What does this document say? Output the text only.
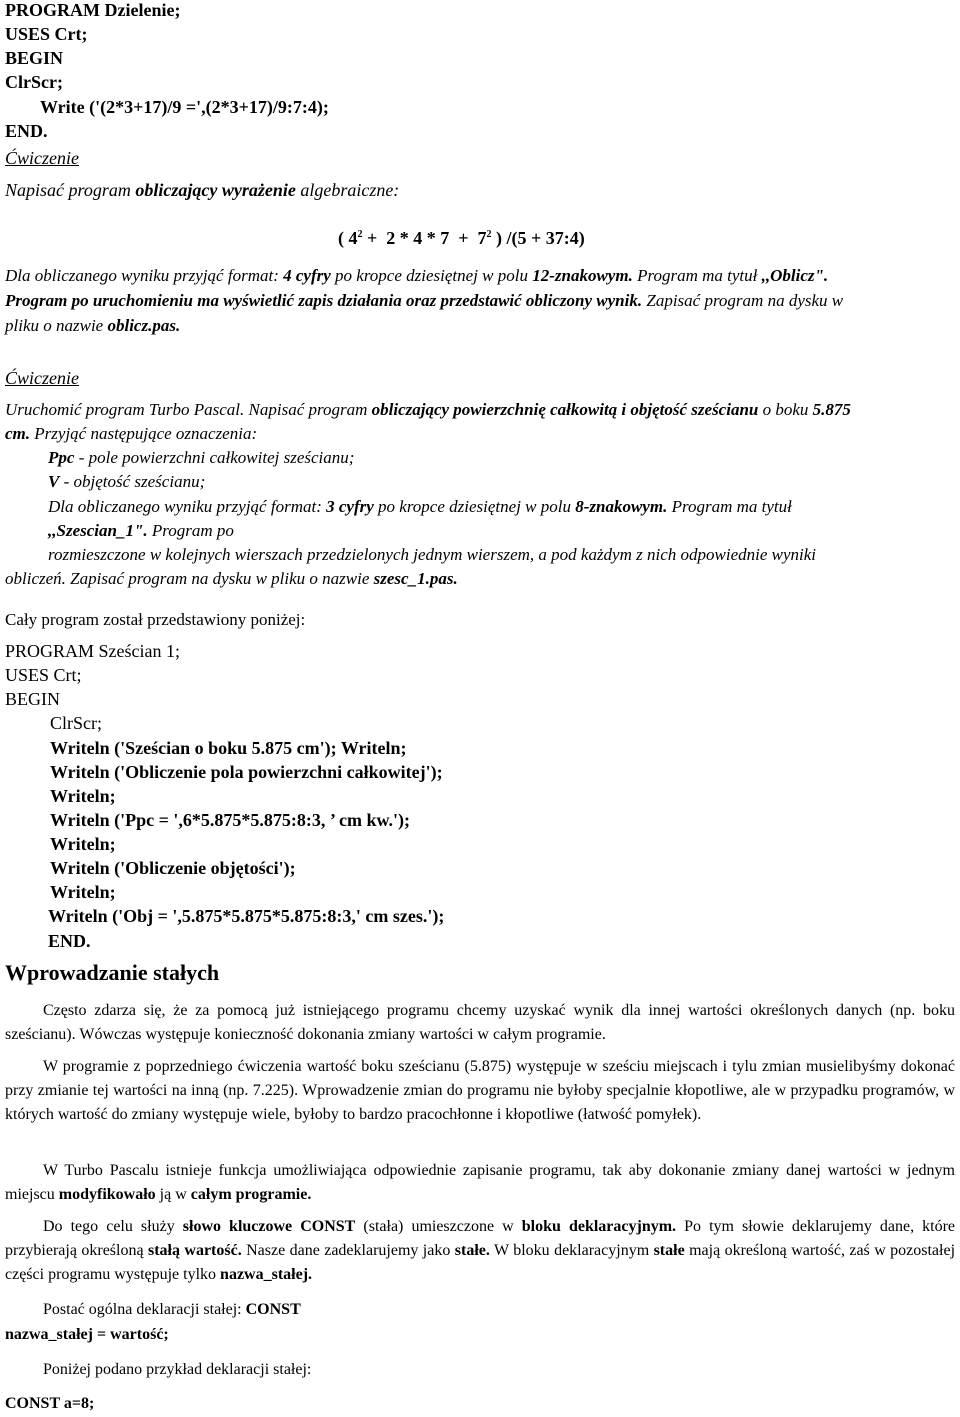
PROGRAM Dzielenie;
USES Crt;
BEGIN
ClrScr;
Write ('(2*3+17)/9 =',(2*3+17)/9:7:4);
END.
Ćwiczenie
Napisać program obliczający wyrażenie algebraiczne:
( $4^2 + 2 * 4 * 7 + 7^2$ ) /(5 + 37:4)
Dla obliczanego wyniku przyjąć format: 4 cyfry po kropce dziesiętnej w polu 12-znakowym. Program ma tytuł ,,Oblicz".
Program po uruchomieniu ma wyświetlić zapis działania oraz przedstawić obliczony wynik. Zapisać program na dysku w
pliku o nazwie oblicz.pas.
Ćwiczenie
Uruchomić program Turbo Pascal. Napisać program obliczający powierzchnię całkowitą i objętość sześcianu o boku 5.875
cm. Przyjąć następujące oznaczenia:
Ppc - pole powierzchni całkowitej sześcianu;
V - objętość sześcianu;
Dla obliczanego wyniku przyjąć format: 3 cyfry po kropce dziesiętnej w polu 8-znakowym. Program ma tytuł
,,Szescian_1". Program po
rozmieszczone w kolejnych wierszach przedzielonych jednym wierszem, a pod każdym z nich odpowiednie wyniki
obliczeń. Zapisać program na dysku w pliku o nazwie szesc_1.pas.
Cały program został przedstawiony poniżej:
PROGRAM Sześcian 1;
USES Crt;
BEGIN
ClrScr;
Writeln ('Sześcian o boku 5.875 cm'); Writeln;
Writeln ('Obliczenie pola powierzchni całkowitej');
Writeln;
Writeln ('Ppc = ',6*5.875*5.875:8:3, ’ cm kw.');
Writeln;
Writeln ('Obliczenie objętości');
Writeln;
Writeln ('Obj = ',5.875*5.875*5.875:8:3,' cm szes.');
END.
Wprowadzanie stałych
Często zdarza się, że za pomocą już istniejącego programu chcemy uzyskać wynik dla innej wartości określonych danych (np. boku sześcianu). Wówczas występuje konieczność dokonania zmiany wartości w całym programie.
W programie z poprzedniego ćwiczenia wartość boku sześcianu (5.875) występuje w sześciu miejscach i tylu zmian musielibyśmy dokonać przy zmianie tej wartości na inną (np. 7.225). Wprowadzenie zmian do programu nie byłoby specjalnie kłopotliwe, ale w przypadku programów, w których wartość do zmiany występuje wiele, byłoby to bardzo pracochłonne i kłopotliwe (łatwość pomyłek).
W Turbo Pascalu istnieje funkcja umożliwiająca odpowiednie zapisanie programu, tak aby dokonanie zmiany danej wartości w jednym miejscu modyfikowało ją w całym programie.
Do tego celu służy słowo kluczowe CONST (stała) umieszczone w bloku deklaracyjnym. Po tym słowie deklarujemy dane, które przybierają określoną stałą wartość. Nasze dane zadeklarujemy jako stałe. W bloku deklaracyjnym stałe mają określoną wartość, zaś w pozostałej części programu występuje tylko nazwa_stałej.
Postać ogólna deklaracji stałej: CONST
nazwa_stałej = wartość;
Poniżej podano przykład deklaracji stałej:
CONST a=8;
